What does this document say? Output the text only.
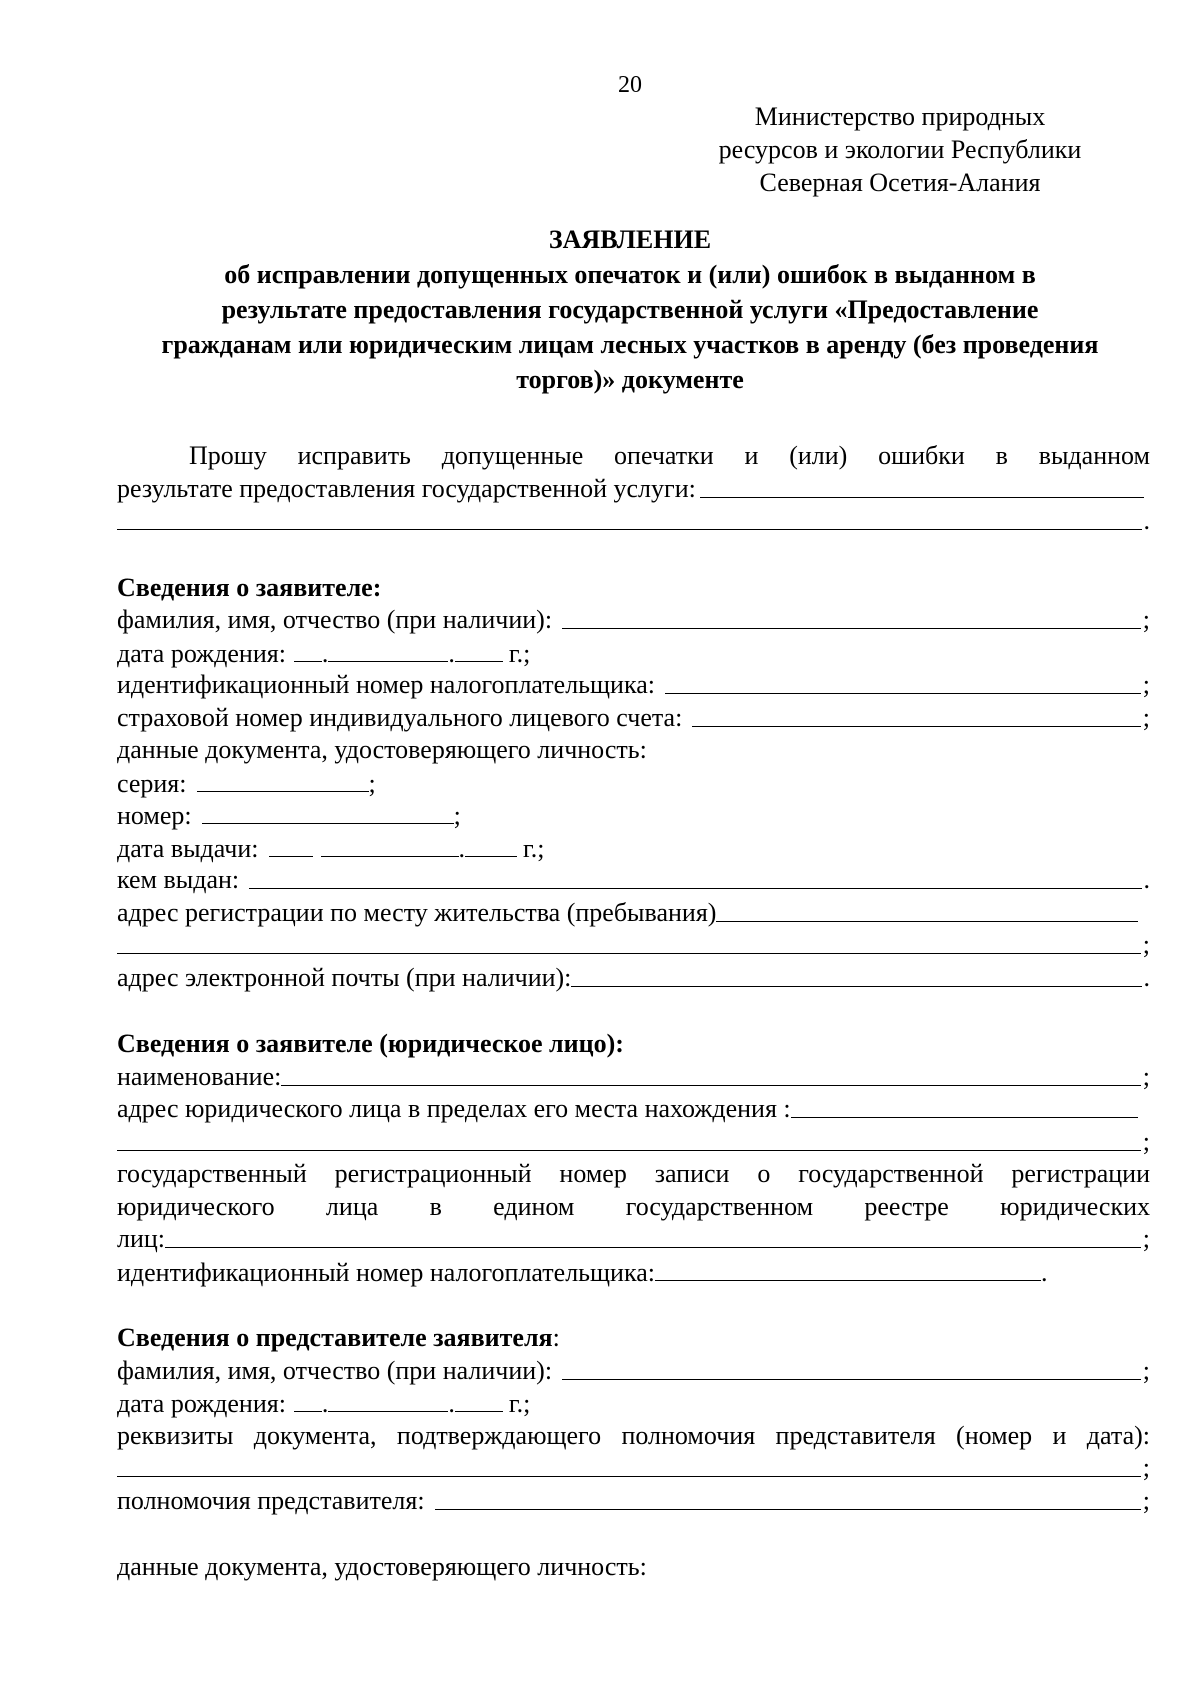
20
Министерство природных
ресурсов и экологии Республики
Северная Осетия-Алания
ЗАЯВЛЕНИЕ
об исправлении допущенных опечаток и (или) ошибок в выданном в
результате предоставления государственной услуги «Предоставление
гражданам или юридическим лицам лесных участков в аренду (без проведения
торгов)» документе
Прошу исправить допущенные опечатки и (или) ошибки в выданном
результате предоставления государственной услуги:
.
Сведения о заявителе:
фамилия, имя, отчество (при наличии):	;
дата рождения: .	. г.;
идентификационный номер налогоплательщика:	;
страховой номер индивидуального лицевого счета:	;
данные документа, удостоверяющего личность:
серия:	;
номер:	;
дата выдачи:	. г.;
кем выдан:	.
адрес регистрации по месту жительства (пребывания)
;
адрес электронной почты (при наличии):	.
Сведения о заявителе (юридическое лицо):
наименование:	;
адрес юридического лица в пределах его места нахождения :
;
государственный регистрационный номер записи о государственной регистрации
юридического лица в едином государственном реестре юридических
лиц:	;
идентификационный номер налогоплательщика:	.
Сведения о представителе заявителя :
фамилия, имя, отчество (при наличии):	;
дата рождения: .	. г.;
реквизиты документа, подтверждающего полномочия представителя (номер и дата):
;
полномочия представителя:	;
данные документа, удостоверяющего личность:
